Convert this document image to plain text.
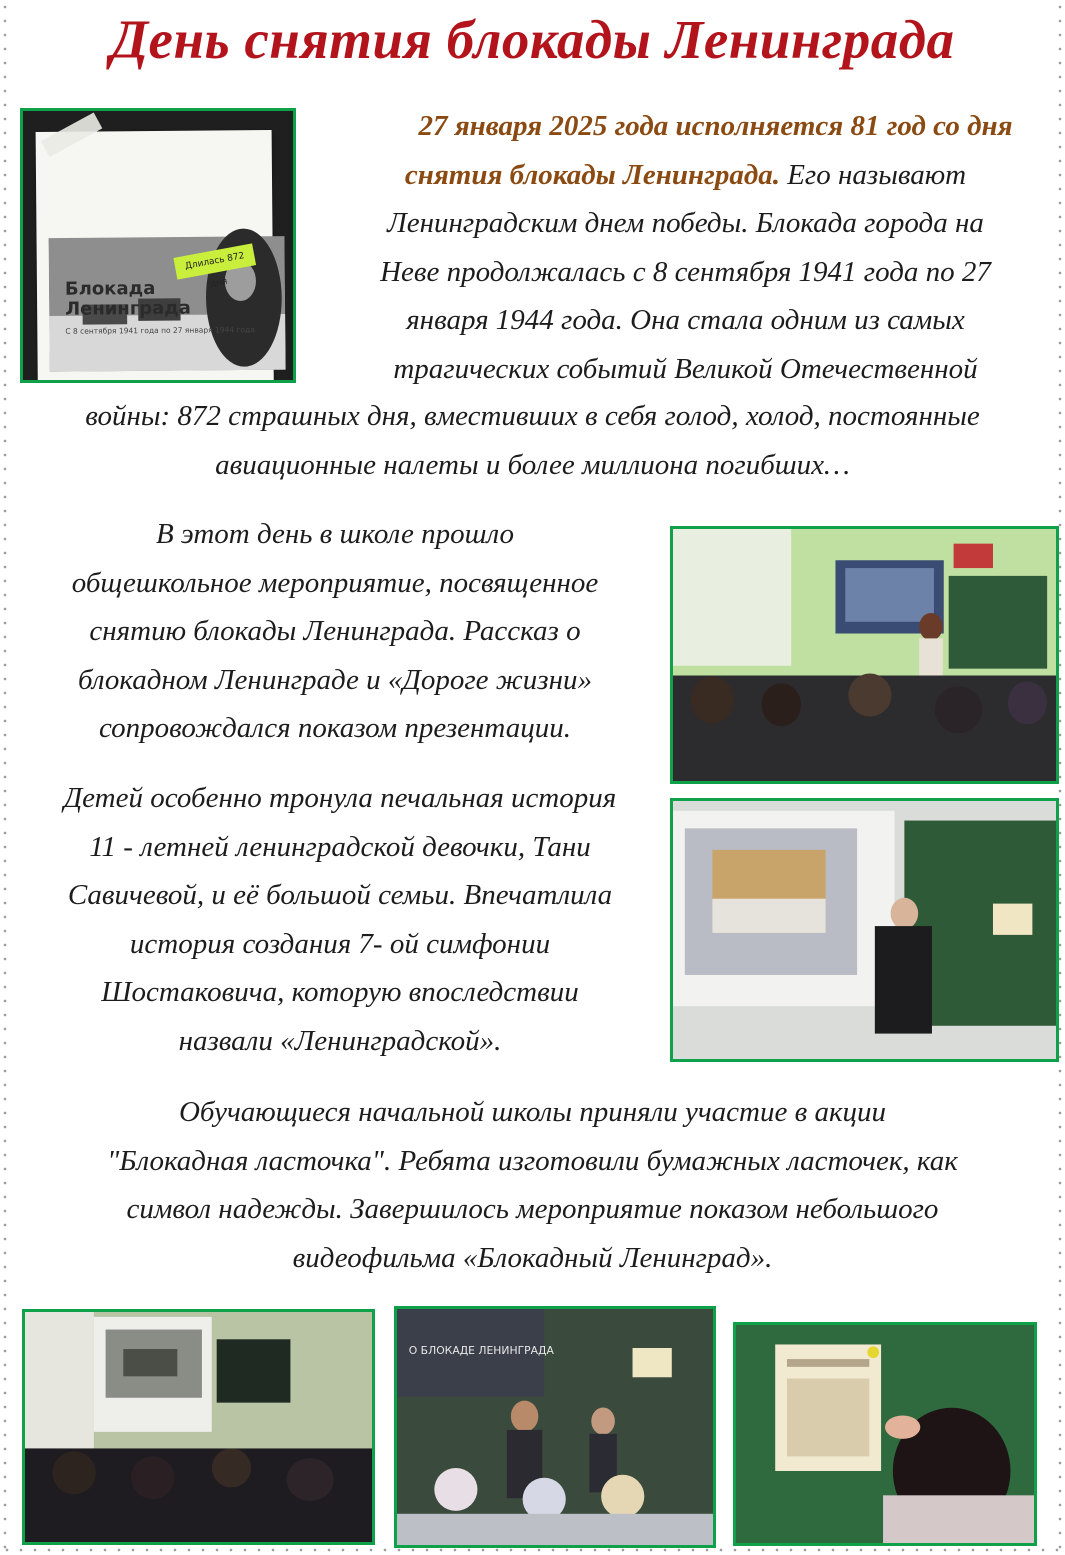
День снятия блокады Ленинграда
Длилась 872 дня

Блокада
Ленинграда

С 8 сентября 1941 года по 27 января 1944 года.

27 января 2025 года исполняется 81 год со дня снятия блокады Ленинграда. Его называют
Ленинградским днем победы. Блокада города на
Неве продолжалась с 8 сентября 1941 года по 27
января 1944 года. Она стала одним из самых
трагических событий Великой Отечественной

войны: 872 страшных дня, вместивших в себя голод, холод, постоянные
авиационные налеты и более миллиона погибших…

В этот день в школе прошло
общешкольное мероприятие, посвященное
снятию блокады Ленинграда. Рассказ о
блокадном Ленинграде и «Дороге жизни»
сопровождался показом презентации.

Детей особенно тронула печальная история
11 - летней ленинградской девочки, Тани
Савичевой, и её большой семьи. Впечатлила
история создания 7- ой симфонии
Шостаковича, которую впоследствии
назвали «Ленинградской».

Обучающиеся начальной школы приняли участие в акции
"Блокадная ласточка". Ребята изготовили бумажных ласточек, как
символ надежды. Завершилось мероприятие показом небольшого
видеофильма «Блокадный Ленинград».

О БЛОКАДЕ ЛЕНИНГРАДА
